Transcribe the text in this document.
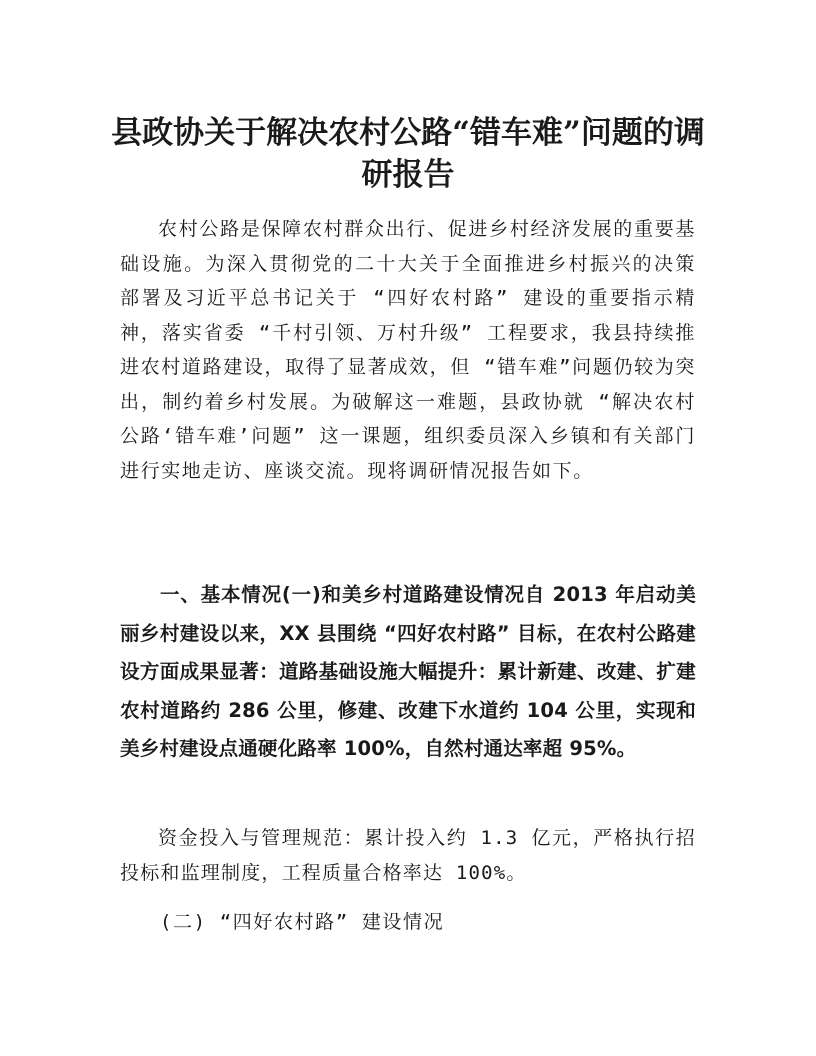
县政协关于解决农村公路“错车难”问题的调研报告

农村公路是保障农村群众出行、促进乡村经济发展的重要基础设施。为深入贯彻党的二十大关于全面推进乡村振兴的决策部署及习近平总书记关于 “四好农村路” 建设的重要指示精神，落实省委 “千村引领、万村升级” 工程要求，我县持续推进农村道路建设，取得了显著成效，但 “错车难”问题仍较为突出，制约着乡村发展。为破解这一难题，县政协就 “解决农村公路‘错车难’问题” 这一课题，组织委员深入乡镇和有关部门进行实地走访、座谈交流。现将调研情况报告如下。

一、基本情况(一)和美乡村道路建设情况自 2013 年启动美丽乡村建设以来，XX 县围绕 “四好农村路” 目标，在农村公路建设方面成果显著：道路基础设施大幅提升：累计新建、改建、扩建农村道路约 286 公里，修建、改建下水道约 104 公里，实现和美乡村建设点通硬化路率 100%，自然村通达率超 95%。

资金投入与管理规范：累计投入约 1.3 亿元，严格执行招投标和监理制度，工程质量合格率达 100%。

(二) “四好农村路” 建设情况
